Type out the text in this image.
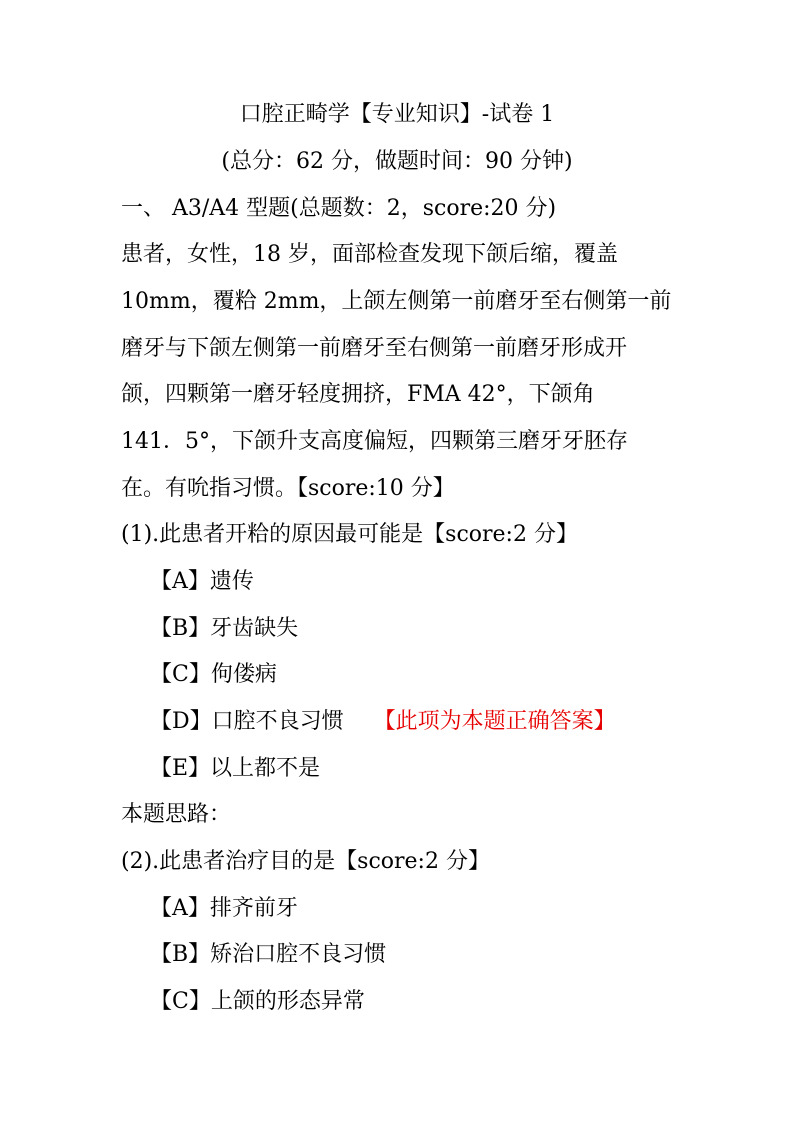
口腔正畸学【专业知识】-试卷 1
(总分：62 分，做题时间：90 分钟)
一、 A3/A4 型题(总题数：2，score:20 分)
患者，女性，18 岁，面部检查发现下颌后缩，覆盖
10mm，覆粭 2mm，上颌左侧第一前磨牙至右侧第一前
磨牙与下颌左侧第一前磨牙至右侧第一前磨牙形成开
颌，四颗第一磨牙轻度拥挤，FMA 42°，下颌角
141．5°，下颌升支高度偏短，四颗第三磨牙牙胚存
在。有吮指习惯。【score:10 分】
(1).此患者开粭的原因最可能是【score:2 分】
【A】遗传
【B】牙齿缺失
【C】佝偻病
【D】口腔不良习惯 【此项为本题正确答案】
【E】以上都不是
本题思路：
(2).此患者治疗目的是【score:2 分】
【A】排齐前牙
【B】矫治口腔不良习惯
【C】上颌的形态异常
